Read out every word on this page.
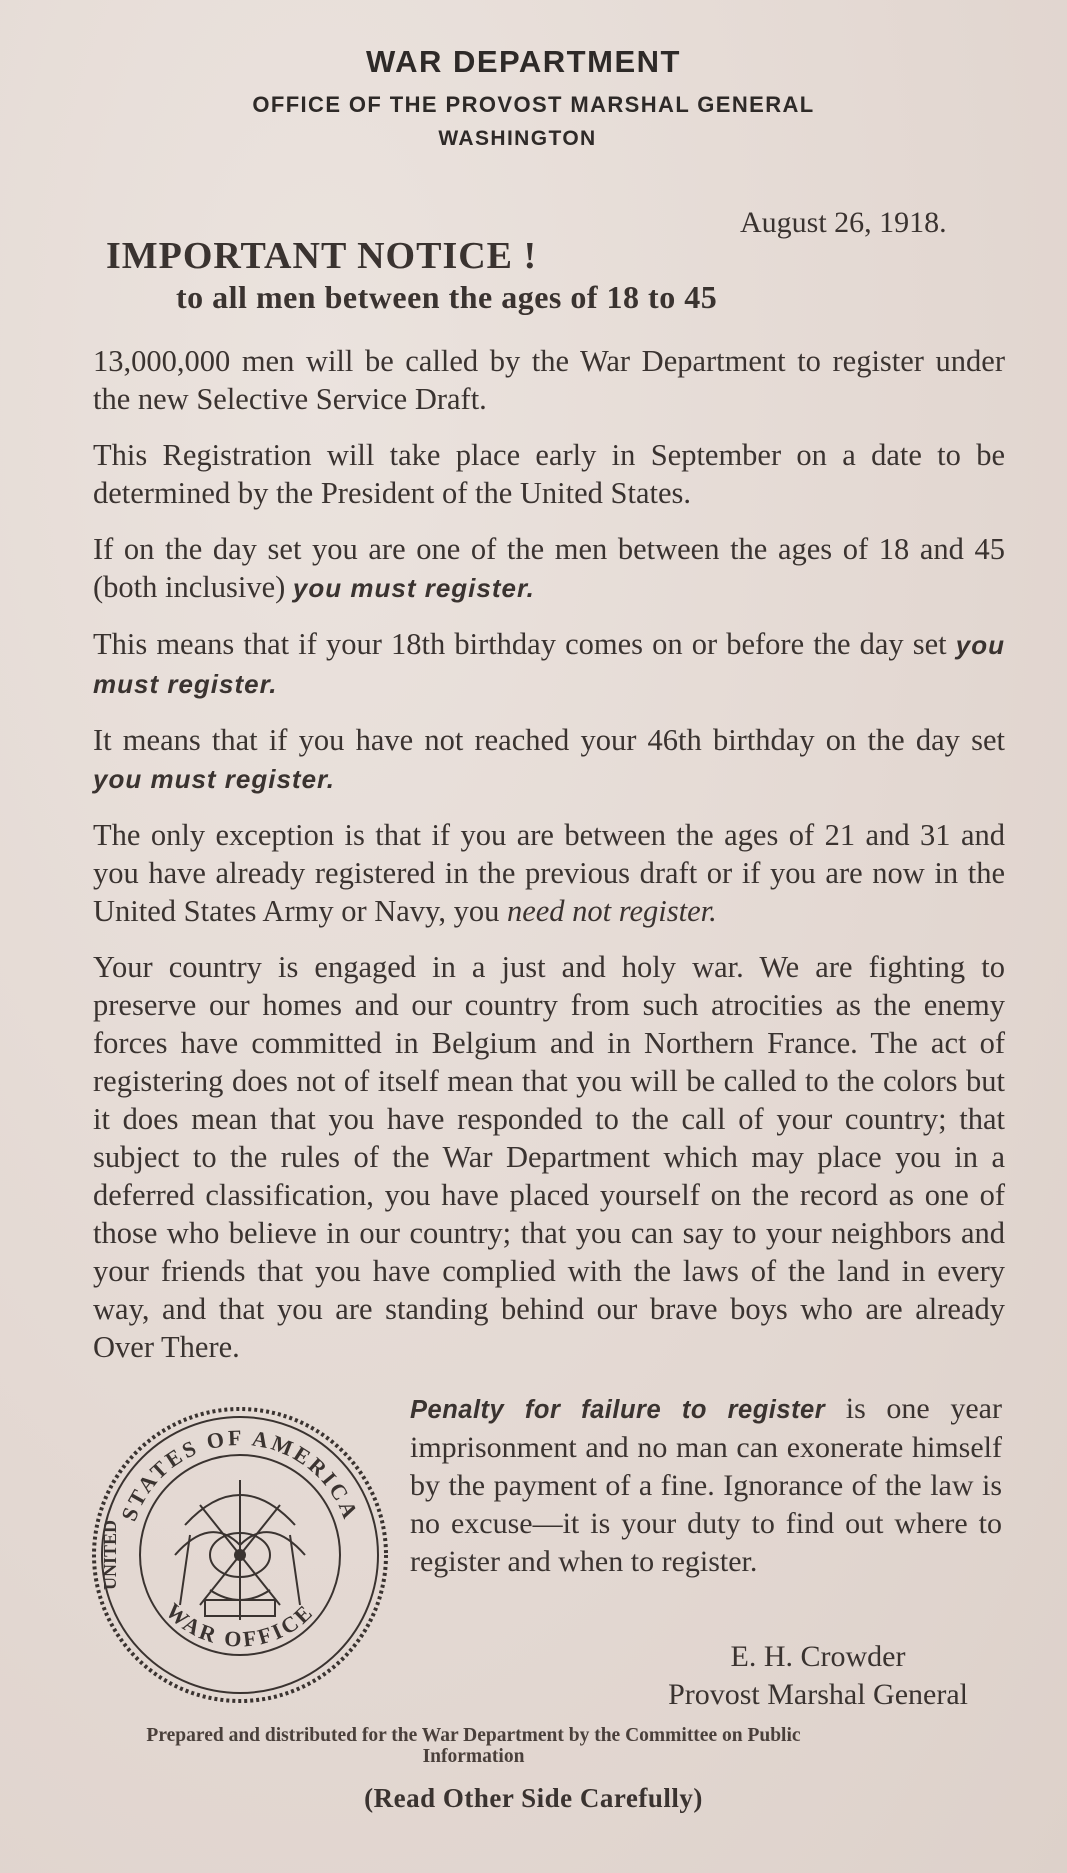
WAR DEPARTMENT
OFFICE OF THE PROVOST MARSHAL GENERAL
WASHINGTON
August 26, 1918.
IMPORTANT NOTICE !
to all men between the ages of 18 to 45

13,000,000 men will be called by the War Department to register under the new Selective Service Draft.

This Registration will take place early in September on a date to be determined by the President of the United States.

If on the day set you are one of the men between the ages of 18 and 45 (both inclusive) you must register.

This means that if your 18th birthday comes on or before the day set you must register.

It means that if you have not reached your 46th birthday on the day set you must register.

The only exception is that if you are between the ages of 21 and 31 and you have already registered in the previous draft or if you are now in the United States Army or Navy, you need not register.

Your country is engaged in a just and holy war. We are fighting to preserve our homes and our country from such atrocities as the enemy forces have committed in Belgium and in Northern France. The act of registering does not of itself mean that you will be called to the colors but it does mean that you have responded to the call of your country; that subject to the rules of the War Department which may place you in a deferred classification, you have placed yourself on the record as one of those who believe in our country; that you can say to your neighbors and your friends that you have complied with the laws of the land in every way, and that you are standing behind our brave boys who are already Over There.

STATES OF AMERICA
WAR OFFICE
UNITED
Penalty for failure to register is one year imprisonment and no man can exonerate himself by the payment of a fine. Ignorance of the law is no excuse—it is your duty to find out where to register and when to register.
E. H. Crowder
Provost Marshal General
Prepared and distributed for the War Department by the Committee on Public Information
(Read Other Side Carefully)
